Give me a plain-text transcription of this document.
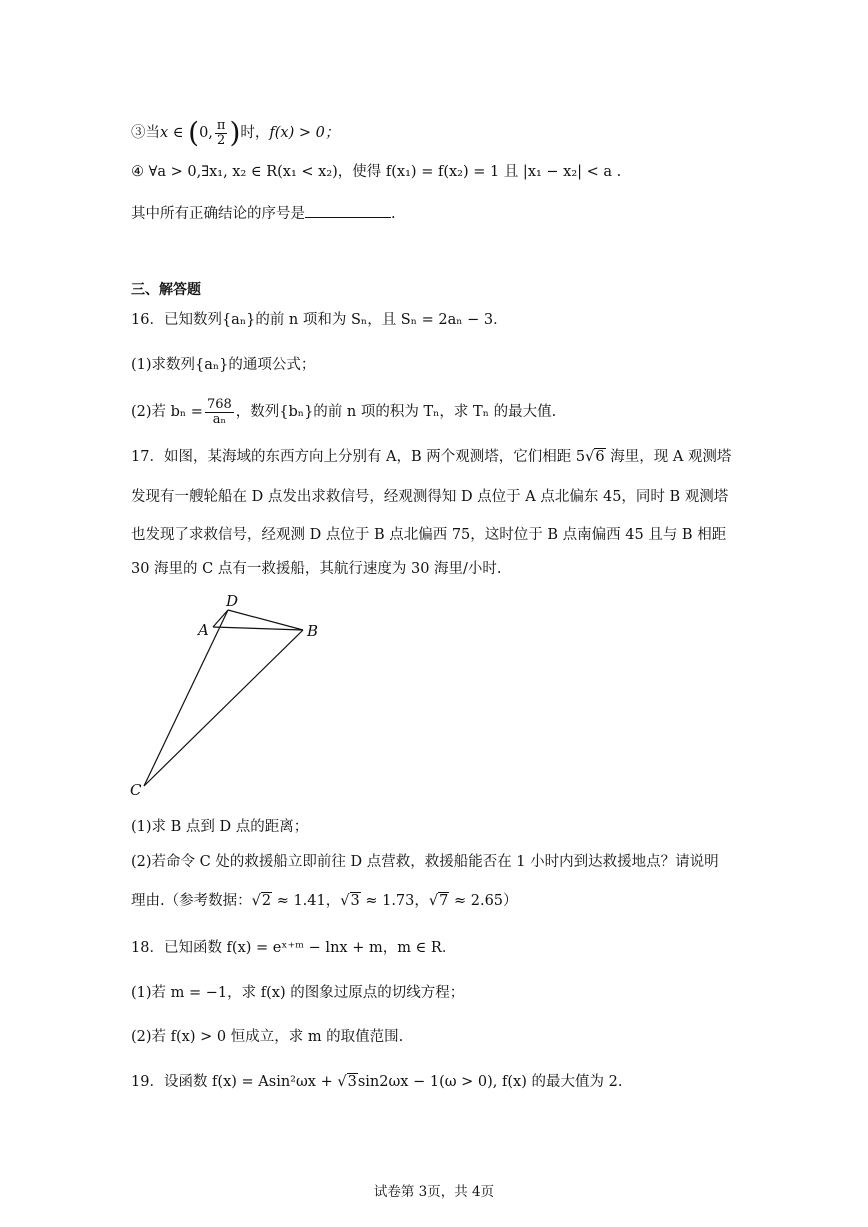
③当x ∈ (0, $\frac{\pi}{2}$ )时，f(x) > 0；
④ ∀a > 0,∃x₁, x₂ ∈ R(x₁ < x₂)，使得 f(x₁) = f(x₂) = 1 且 |x₁ − x₂| < a .
其中所有正确结论的序号是	.
三、解答题
16．已知数列{aₙ}的前 n 项和为 Sₙ，且 Sₙ = 2aₙ − 3．
(1)求数列{aₙ}的通项公式；
(2)若 $b_n = \frac{768}{\text{aₙ}}$ ，数列{bₙ}的前 n 项的积为 Tₙ，求 Tₙ 的最大值.
17．如图，某海域的东西方向上分别有 A，B 两个观测塔，它们相距 5√6 海里，现 A 观测塔
发现有一艘轮船在 D 点发出求救信号，经观测得知 D 点位于 A 点北偏东 45，同时 B 观测塔
也发现了求救信号，经观测 D 点位于 B 点北偏西 75，这时位于 B 点南偏西 45 且与 B 相距
30 海里的 C 点有一救援船，其航行速度为 30 海里/小时.
D
A	B
C
(1)求 B 点到 D 点的距离；
(2)若命令 C 处的救援船立即前往 D 点营救，救援船能否在 1 小时内到达救援地点？请说明
理由.（参考数据：√2 ≈ 1.41，√3 ≈ 1.73，√7 ≈ 2.65）
18．已知函数 f(x) = eˣ⁺ᵐ − lnx + m，m ∈ R．
(1)若 m = −1，求 f(x) 的图象过原点的切线方程；
(2)若 f(x) > 0 恒成立，求 m 的取值范围.
19．设函数 f(x) = Asin²ωx + √3sin2ωx − 1(ω > 0), f(x) 的最大值为 2.
试卷第 3页，共 4页
